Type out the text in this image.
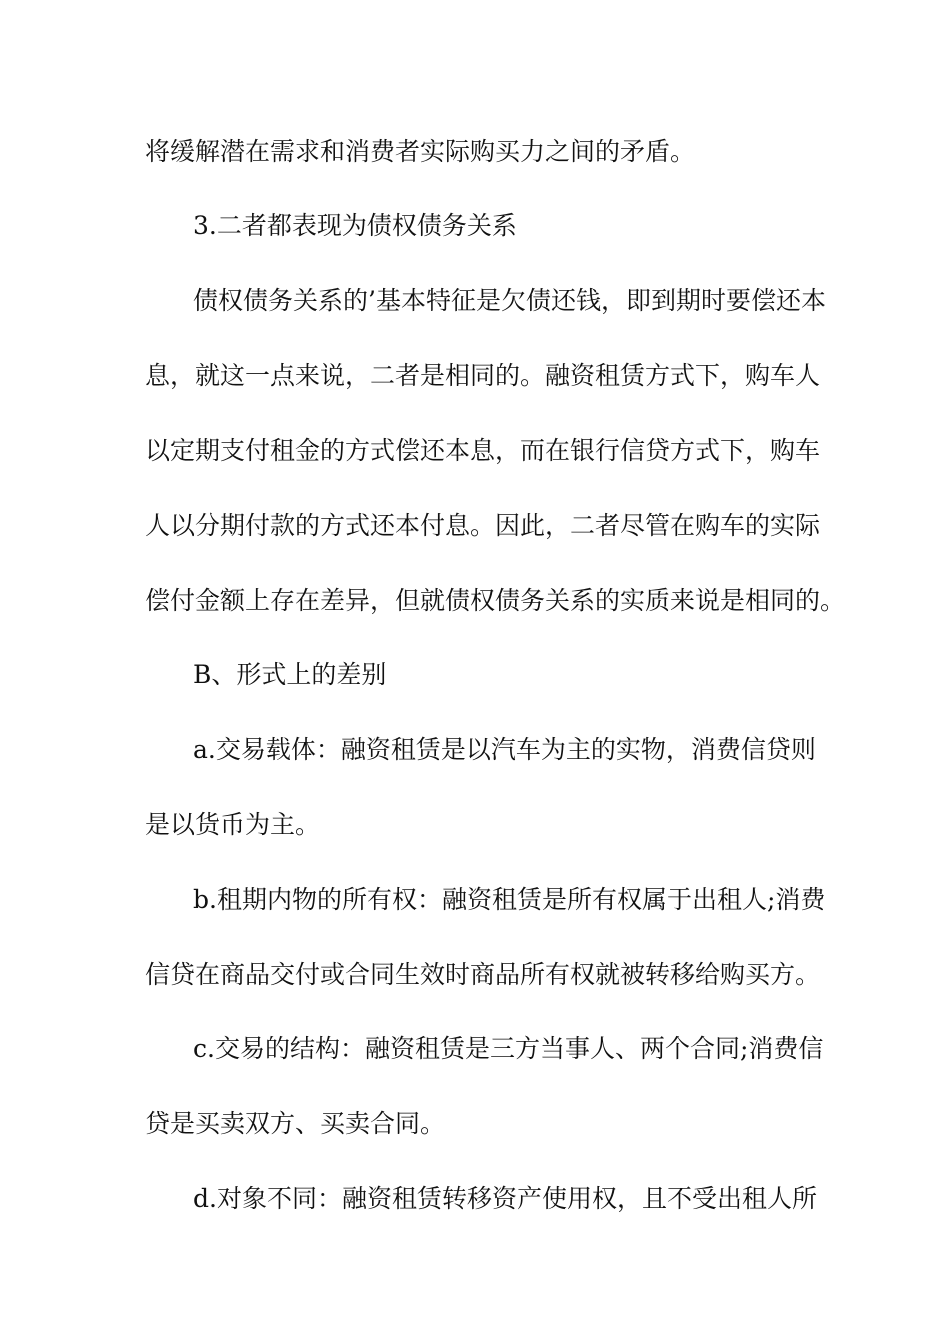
将缓解潜在需求和消费者实际购买力之间的矛盾。
3.二者都表现为债权债务关系
债权债务关系的’基本特征是欠债还钱，即到期时要偿还本
息，就这一点来说，二者是相同的。融资租赁方式下，购车人
以定期支付租金的方式偿还本息，而在银行信贷方式下，购车
人以分期付款的方式还本付息。因此，二者尽管在购车的实际
偿付金额上存在差异，但就债权债务关系的实质来说是相同的。
B、形式上的差别
a.交易载体：融资租赁是以汽车为主的实物，消费信贷则
是以货币为主。
b.租期内物的所有权：融资租赁是所有权属于出租人;消费
信贷在商品交付或合同生效时商品所有权就被转移给购买方。
c.交易的结构：融资租赁是三方当事人、两个合同;消费信
贷是买卖双方、买卖合同。
d.对象不同：融资租赁转移资产使用权，且不受出租人所
